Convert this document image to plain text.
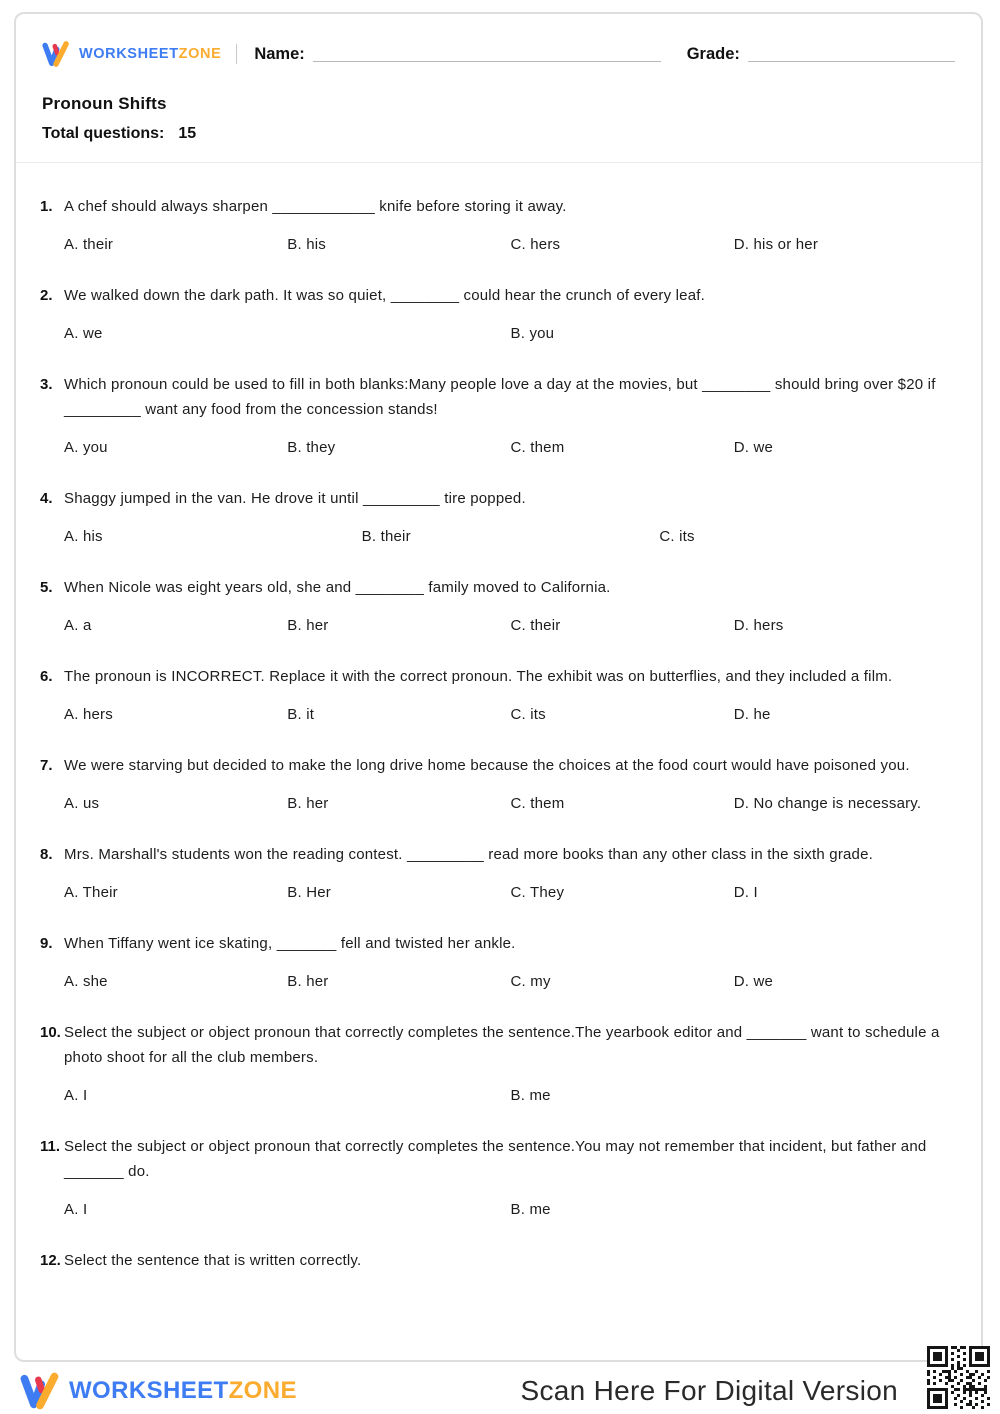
WORKSHEETZONE Name:	Grade:
Pronoun Shifts
Total questions: 15
1. A chef should always sharpen ____________ knife before storing it away.
A. their	B. his	C. hers	D. his or her
2. We walked down the dark path. It was so quiet, ________ could hear the crunch of every leaf.
A. we	B. you
3. Which pronoun could be used to fill in both blanks:Many people love a day at the movies, but ________ should bring over $20 if _________ want any food from the concession stands!
A. you	B. they	C. them	D. we
4. Shaggy jumped in the van. He drove it until _________ tire popped.
A. his	B. their	C. its
5. When Nicole was eight years old, she and ________ family moved to California.
A. a	B. her	C. their	D. hers
6. The pronoun is INCORRECT. Replace it with the correct pronoun. The exhibit was on butterflies, and they included a film.
A. hers	B. it	C. its	D. he
7. We were starving but decided to make the long drive home because the choices at the food court would have poisoned you.
A. us	B. her	C. them	D. No change is necessary.
8. Mrs. Marshall's students won the reading contest. _________ read more books than any other class in the sixth grade.
A. Their	B. Her	C. They	D. I
9. When Tiffany went ice skating, _______ fell and twisted her ankle.
A. she	B. her	C. my	D. we
10. Select the subject or object pronoun that correctly completes the sentence.The yearbook editor and _______ want to schedule a photo shoot for all the club members.
A. I	B. me
11. Select the subject or object pronoun that correctly completes the sentence.You may not remember that incident, but father and _______ do.
A. I	B. me
12. Select the sentence that is written correctly.
WORKSHEETZONE	Scan Here For Digital Version
